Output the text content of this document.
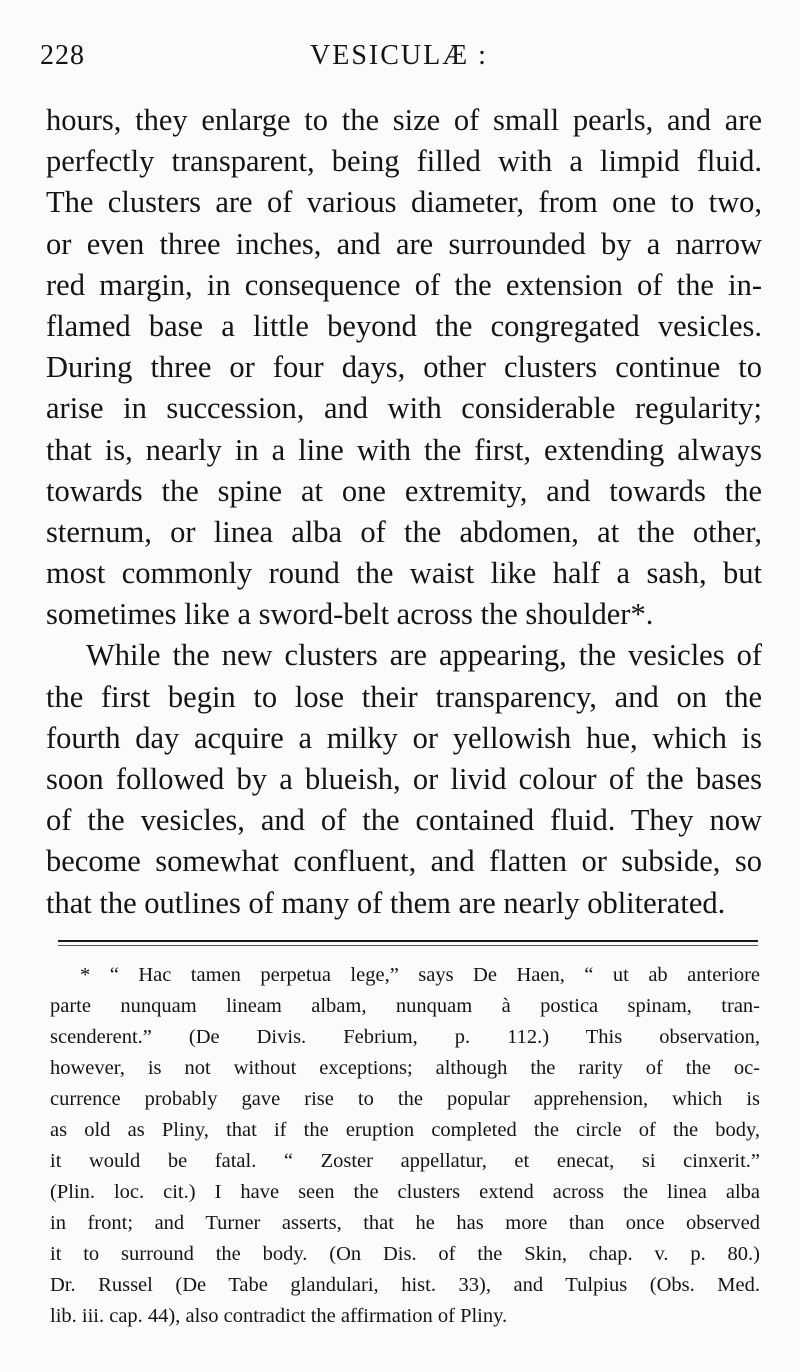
228	VESICULÆ :
hours, they enlarge to the size of small pearls, and are
perfectly transparent, being filled with a limpid fluid.
The clusters are of various diameter, from one to two,
or even three inches, and are surrounded by a narrow
red margin, in consequence of the extension of the in-
flamed base a little beyond the congregated vesicles.
During three or four days, other clusters continue to
arise in succession, and with considerable regularity;
that is, nearly in a line with the first, extending always
towards the spine at one extremity, and towards the
sternum, or linea alba of the abdomen, at the other,
most commonly round the waist like half a sash, but
sometimes like a sword-belt across the shoulder*.
While the new clusters are appearing, the vesicles of
the first begin to lose their transparency, and on the
fourth day acquire a milky or yellowish hue, which is
soon followed by a blueish, or livid colour of the bases
of the vesicles, and of the contained fluid. They now
become somewhat confluent, and flatten or subside, so
that the outlines of many of them are nearly obliterated.
* “ Hac tamen perpetua lege,” says De Haen, “ ut ab anteriore
parte nunquam lineam albam, nunquam à postica spinam, tran-
scenderent.” (De Divis. Febrium, p. 112.) This observation,
however, is not without exceptions; although the rarity of the oc-
currence probably gave rise to the popular apprehension, which is
as old as Pliny, that if the eruption completed the circle of the body,
it would be fatal. “ Zoster appellatur, et enecat, si cinxerit.”
(Plin. loc. cit.) I have seen the clusters extend across the linea alba
in front; and Turner asserts, that he has more than once observed
it to surround the body. (On Dis. of the Skin, chap. v. p. 80.)
Dr. Russel (De Tabe glandulari, hist. 33), and Tulpius (Obs. Med.
lib. iii. cap. 44), also contradict the affirmation of Pliny.
